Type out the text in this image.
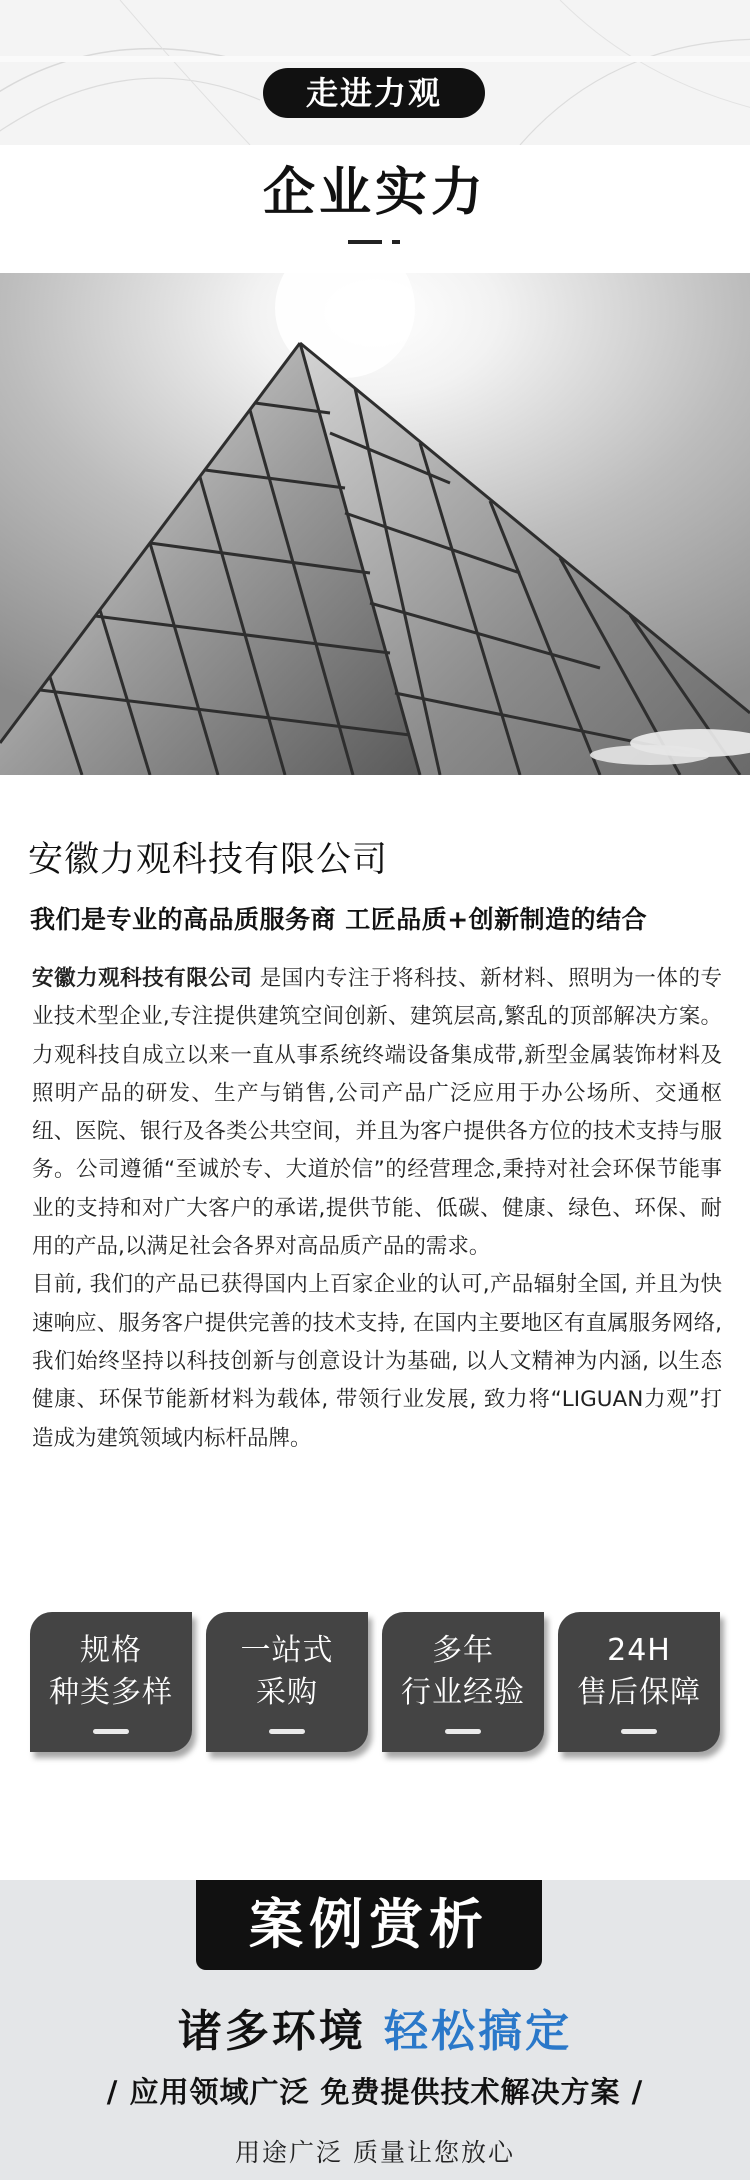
走进力观
企业实力
安徽力观科技有限公司
我们是专业的高品质服务商 工匠品质+创新制造的结合

安徽力观科技有限公司 是国内专注于将科技、新材料、照明为一体的专业技术型企业,专注提供建筑空间创新、建筑层高,繁乱的顶部解决方案。力观科技自成立以来一直从事系统终端设备集成带,新型金属装饰材料及照明产品的研发、生产与销售,公司产品广泛应用于办公场所、交通枢纽、医院、银行及各类公共空间，并且为客户提供各方位的技术支持与服务。公司遵循“至诚於专、大道於信”的经营理念,秉持对社会环保节能事业的支持和对广大客户的承诺,提供节能、低碳、健康、绿色、环保、耐用的产品,以满足社会各界对高品质产品的需求。

目前, 我们的产品已获得国内上百家企业的认可,产品辐射全国, 并且为快速响应、服务客户提供完善的技术支持, 在国内主要地区有直属服务网络,我们始终坚持以科技创新与创意设计为基础, 以人文精神为内涵, 以生态健康、环保节能新材料为载体, 带领行业发展, 致力将“LIGUAN力观”打造成为建筑领域内标杆品牌。

规格
种类多样
一站式
采购
多年
行业经验
24H
售后保障
案例赏析
诸多环境 轻松搞定
/ 应用领域广泛 免费提供技术解决方案 /
用途广泛 质量让您放心
